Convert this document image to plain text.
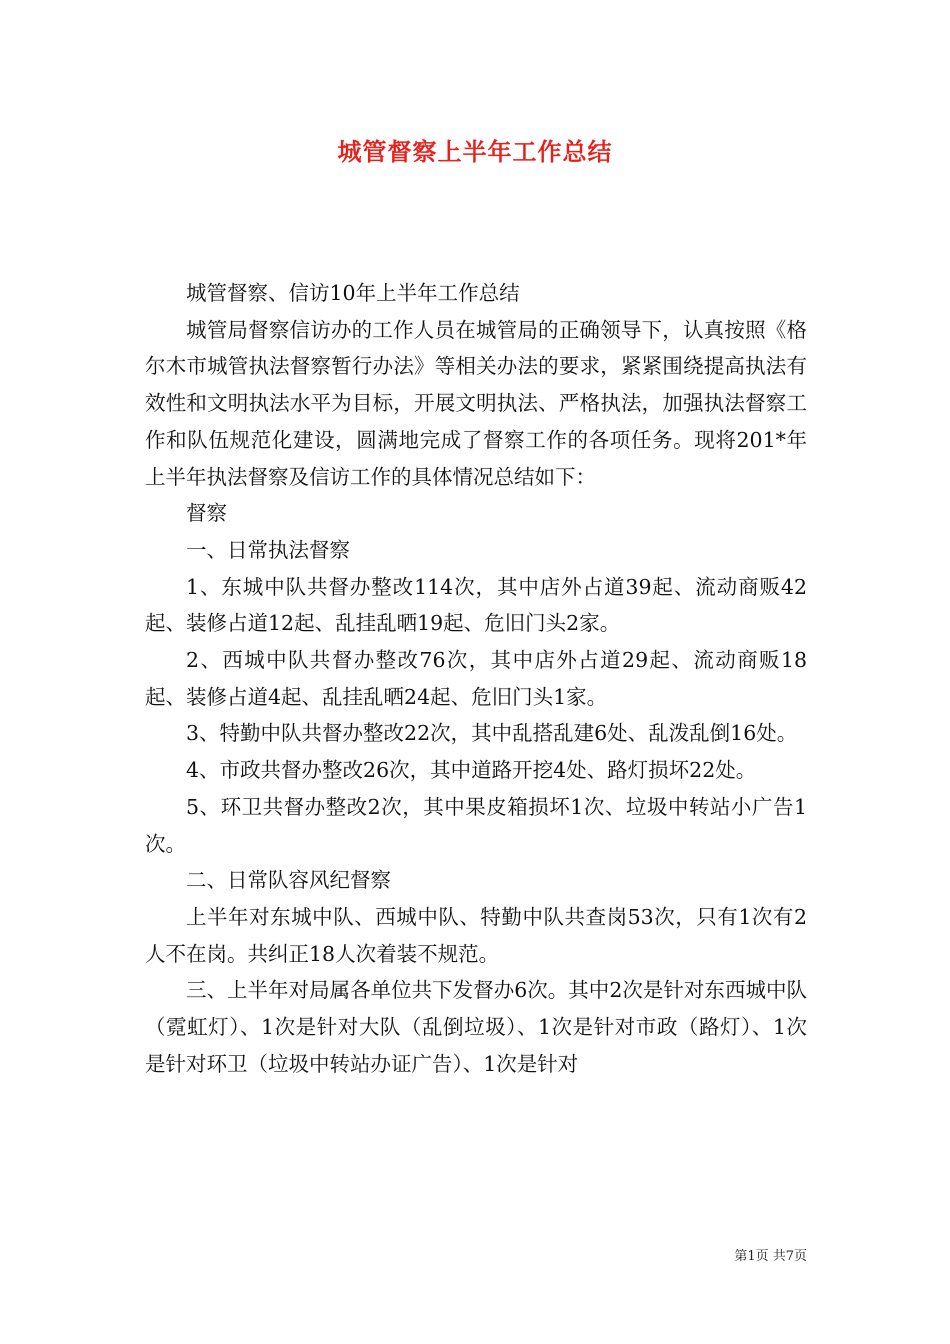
城管督察上半年工作总结

城管督察、信访10年上半年工作总结

城管局督察信访办的工作人员在城管局的正确领导下，认真按照《格尔木市城管执法督察暂行办法》等相关办法的要求，紧紧围绕提高执法有效性和文明执法水平为目标，开展文明执法、严格执法，加强执法督察工作和队伍规范化建设，圆满地完成了督察工作的各项任务。现将201*年上半年执法督察及信访工作的具体情况总结如下：

督察

一、日常执法督察

1、东城中队共督办整改114次，其中店外占道39起、流动商贩42起、装修占道12起、乱挂乱晒19起、危旧门头2家。

2、西城中队共督办整改76次，其中店外占道29起、流动商贩18起、装修占道4起、乱挂乱晒24起、危旧门头1家。

3、特勤中队共督办整改22次，其中乱搭乱建6处、乱泼乱倒16处。

4、市政共督办整改26次，其中道路开挖4处、路灯损坏22处。

5、环卫共督办整改2次，其中果皮箱损坏1次、垃圾中转站小广告1次。

二、日常队容风纪督察

上半年对东城中队、西城中队、特勤中队共查岗53次，只有1次有2人不在岗。共纠正18人次着装不规范。

三、上半年对局属各单位共下发督办6次。其中2次是针对东西城中队（霓虹灯）、1次是针对大队（乱倒垃圾）、1次是针对市政（路灯）、1次是针对环卫（垃圾中转站办证广告）、1次是针对

第1页 共7页
